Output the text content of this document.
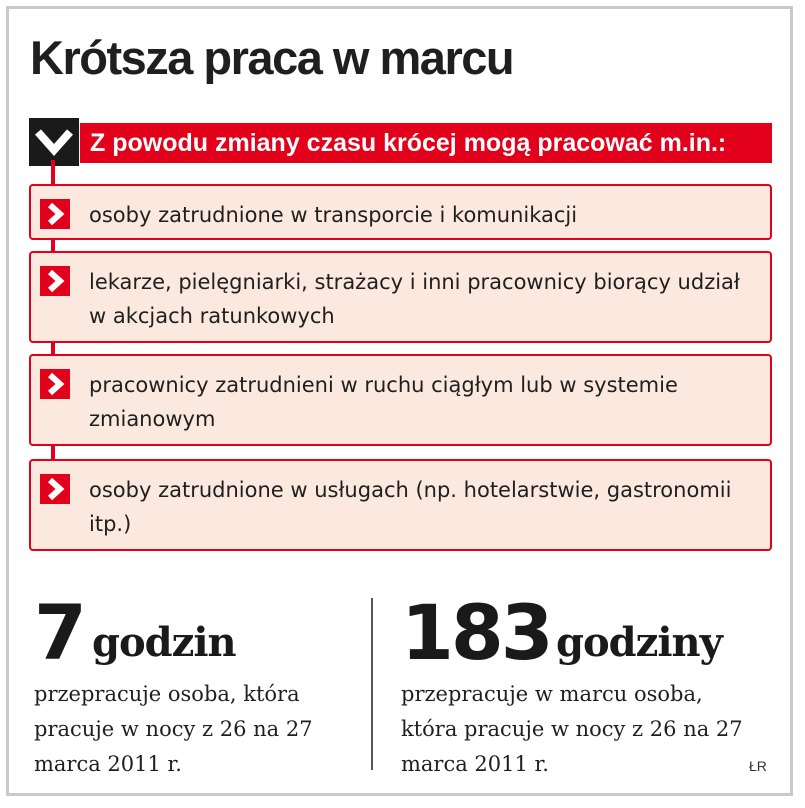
Krótsza praca w marcu
Z powodu zmiany czasu krócej mogą pracować m.in.:
osoby zatrudnione w transporcie i komunikacji
lekarze, pielęgniarki, strażacy i inni pracownicy biorący udział w akcjach ratunkowych
pracownicy zatrudnieni w ruchu ciągłym lub w systemie zmianowym
osoby zatrudnione w usługach (np. hotelarstwie, gastronomii itp.)
7 godzin
przepracuje osoba, która pracuje w nocy z 26 na 27 marca 2011 r.
183 godziny
przepracuje w marcu osoba, która pracuje w nocy z 26 na 27 marca 2011 r.	ŁR
